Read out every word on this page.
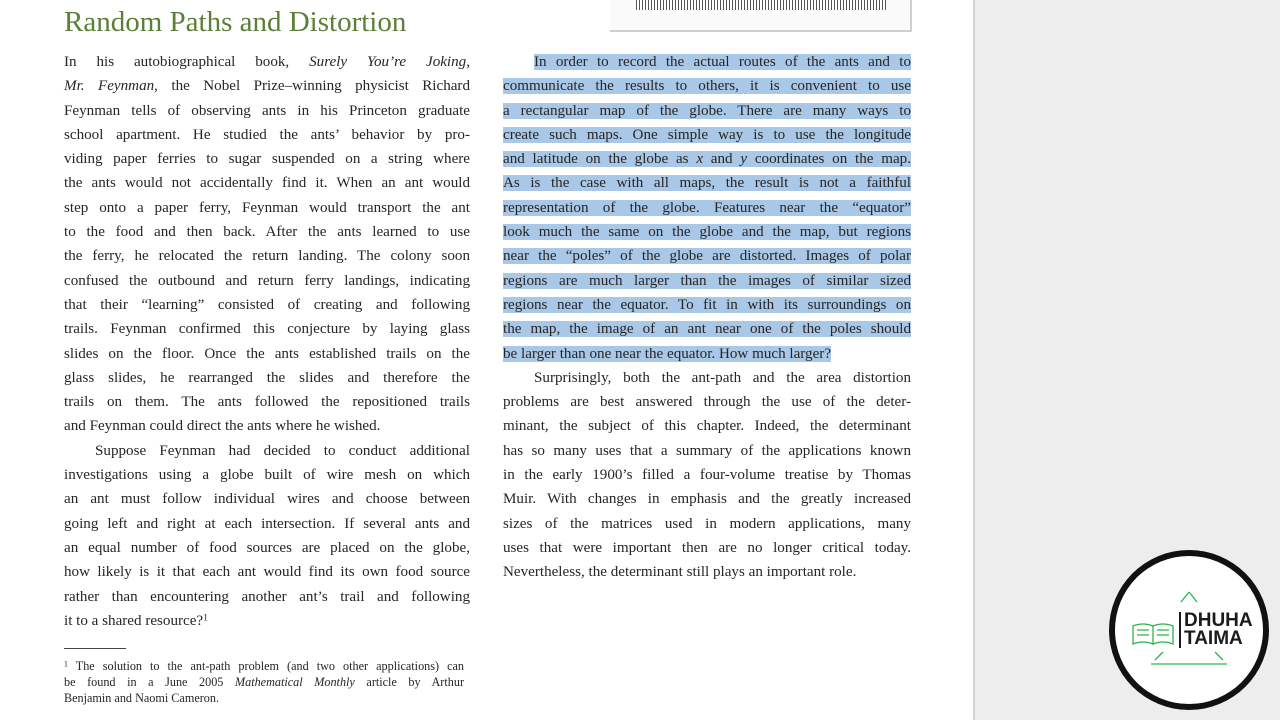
Random Paths and Distortion
In his autobiographical book, Surely You’re Joking,
Mr. Feynman, the Nobel Prize–winning physicist Richard
Feynman tells of observing ants in his Princeton graduate
school apartment. He studied the ants’ behavior by pro-
viding paper ferries to sugar suspended on a string where
the ants would not accidentally find it. When an ant would
step onto a paper ferry, Feynman would transport the ant
to the food and then back. After the ants learned to use
the ferry, he relocated the return landing. The colony soon
confused the outbound and return ferry landings, indicating
that their “learning” consisted of creating and following
trails. Feynman confirmed this conjecture by laying glass
slides on the floor. Once the ants established trails on the
glass slides, he rearranged the slides and therefore the
trails on them. The ants followed the repositioned trails
and Feynman could direct the ants where he wished.
Suppose Feynman had decided to conduct additional
investigations using a globe built of wire mesh on which
an ant must follow individual wires and choose between
going left and right at each intersection. If several ants and
an equal number of food sources are placed on the globe,
how likely is it that each ant would find its own food source
rather than encountering another ant’s trail and following
it to a shared resource?$^1$
In order to record the actual routes of the ants and to
communicate the results to others, it is convenient to use
a rectangular map of the globe. There are many ways to
create such maps. One simple way is to use the longitude
and latitude on the globe as x and y coordinates on the map.
As is the case with all maps, the result is not a faithful
representation of the globe. Features near the “equator”
look much the same on the globe and the map, but regions
near the “poles” of the globe are distorted. Images of polar
regions are much larger than the images of similar sized
regions near the equator. To fit in with its surroundings on
the map, the image of an ant near one of the poles should
be larger than one near the equator. How much larger?
Surprisingly, both the ant-path and the area distortion
problems are best answered through the use of the deter-
minant, the subject of this chapter. Indeed, the determinant
has so many uses that a summary of the applications known
in the early 1900’s filled a four-volume treatise by Thomas
Muir. With changes in emphasis and the greatly increased
sizes of the matrices used in modern applications, many
uses that were important then are no longer critical today.
Nevertheless, the determinant still plays an important role.
$^1$ The solution to the ant-path problem (and two other applications) can
be found in a June 2005 Mathematical Monthly article by Arthur
Benjamin and Naomi Cameron.
DHUHA
TAIMA
